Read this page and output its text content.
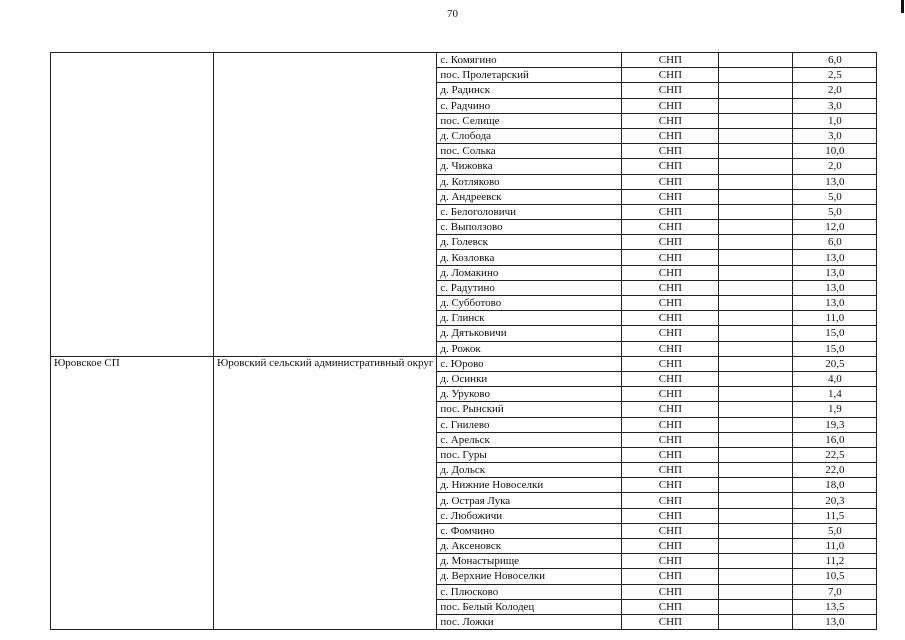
70
		с. Комягино	СНП		6,0
		пос. Пролетарский	СНП		2,5
		д. Радинск	СНП		2,0
		с. Радчино	СНП		3,0
		пос. Селище	СНП		1,0
		д. Слобода	СНП		3,0
		пос. Солька	СНП		10,0
		д. Чижовка	СНП		2,0
		д. Котляково	СНП		13,0
		д. Андреевск	СНП		5,0
		с. Белоголовичи	СНП		5,0
		с. Выползово	СНП		12,0
		д. Голевск	СНП		6,0
		д. Козловка	СНП		13,0
		д. Ломакино	СНП		13,0
		с. Радутино	СНП		13,0
		д. Субботово	СНП		13,0
		д. Глинск	СНП		11,0
		д. Дятьковичи	СНП		15,0
		д. Рожок	СНП		15,0
Юровское СП	Юровский сельский административный округ	с. Юрово	СНП		20,5
		д. Осинки	СНП		4,0
		д. Уруково	СНП		1,4
		пос. Рынский	СНП		1,9
		с. Гнилево	СНП		19,3
		с. Арельск	СНП		16,0
		пос. Гуры	СНП		22,5
		д. Дольск	СНП		22,0
		д. Нижние Новоселки	СНП		18,0
		д. Острая Лука	СНП		20,3
		с. Любожичи	СНП		11,5
		с. Фомчино	СНП		5,0
		д. Аксеновск	СНП		11,0
		д. Монастырище	СНП		11,2
		д. Верхние Новоселки	СНП		10,5
		с. Плюсково	СНП		7,0
		пос. Белый Колодец	СНП		13,5
		пос. Ложки	СНП		13,0
